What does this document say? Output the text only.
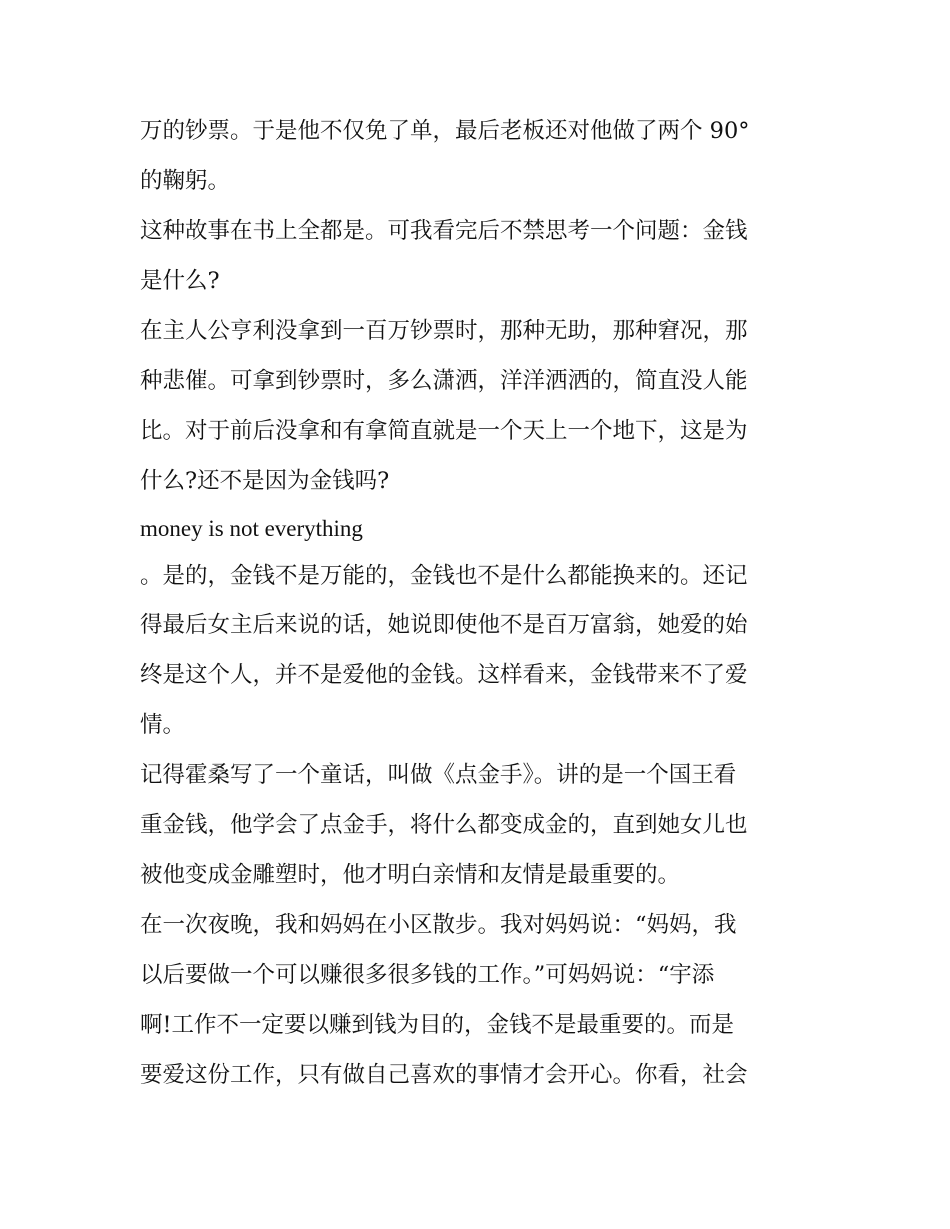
万的钞票。于是他不仅免了单，最后老板还对他做了两个 90°
的鞠躬。
这种故事在书上全都是。可我看完后不禁思考一个问题：金钱
是什么?
在主人公亨利没拿到一百万钞票时，那种无助，那种窘况，那
种悲催。可拿到钞票时，多么潇洒，洋洋洒洒的，简直没人能
比。对于前后没拿和有拿简直就是一个天上一个地下，这是为
什么?还不是因为金钱吗?
money is not everything
。是的，金钱不是万能的，金钱也不是什么都能换来的。还记
得最后女主后来说的话，她说即使他不是百万富翁，她爱的始
终是这个人，并不是爱他的金钱。这样看来，金钱带来不了爱
情。
记得霍桑写了一个童话，叫做《点金手》。讲的是一个国王看
重金钱，他学会了点金手，将什么都变成金的，直到她女儿也
被他变成金雕塑时，他才明白亲情和友情是最重要的。
在一次夜晚，我和妈妈在小区散步。我对妈妈说：“妈妈，我
以后要做一个可以赚很多很多钱的工作。”可妈妈说：“宇添
啊!工作不一定要以赚到钱为目的，金钱不是最重要的。而是
要爱这份工作，只有做自己喜欢的事情才会开心。你看，社会
